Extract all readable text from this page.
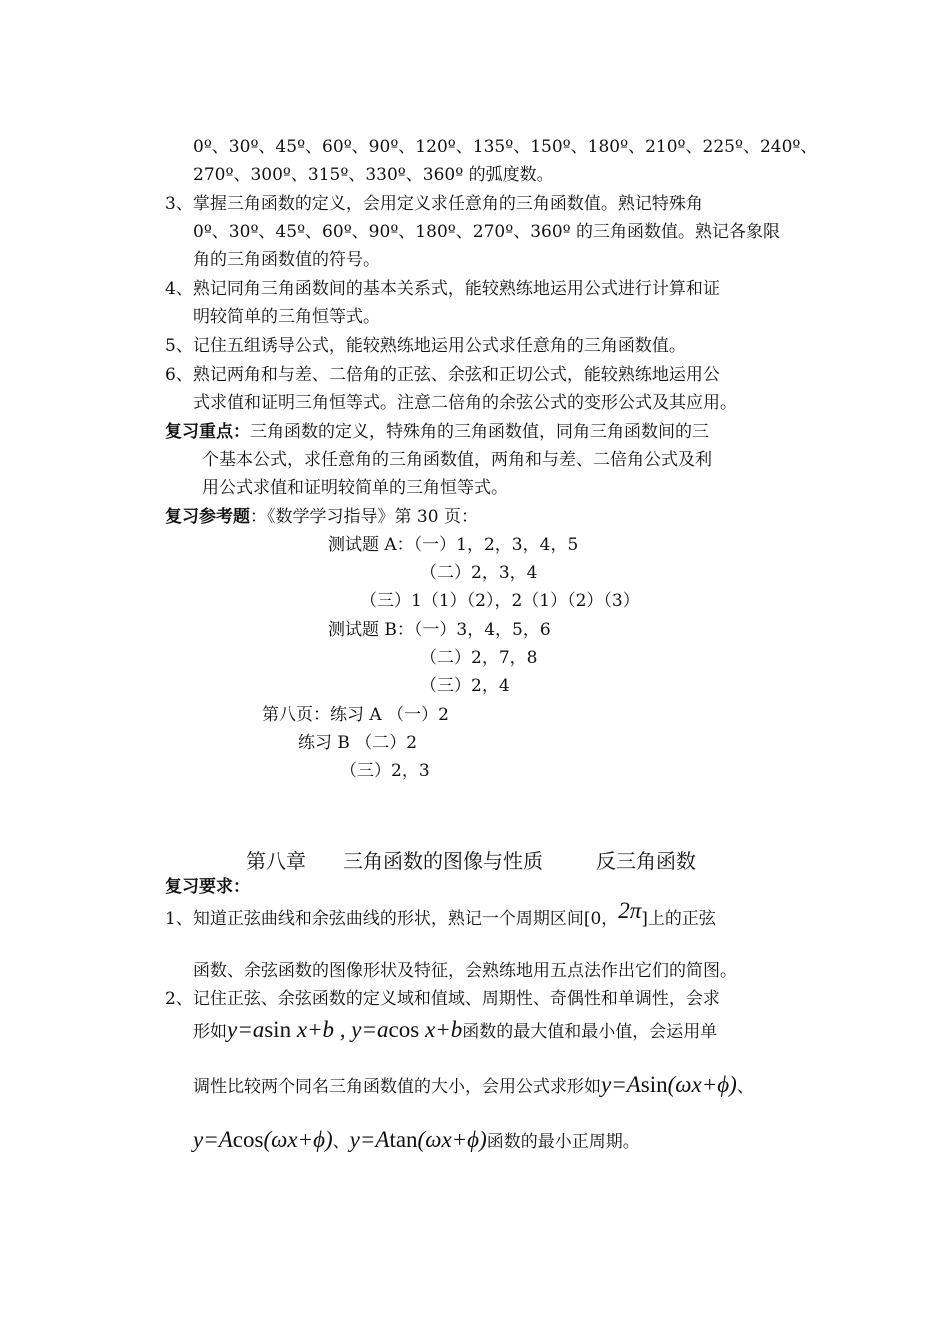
0º、30º、45º、60º、90º、120º、135º、150º、180º、210º、225º、240º、
270º、300º、315º、330º、360º 的弧度数。
3、掌握三角函数的定义，会用定义求任意角的三角函数值。熟记特殊角
0º、30º、45º、60º、90º、180º、270º、360º 的三角函数值。熟记各象限
角的三角函数值的符号。
4、熟记同角三角函数间的基本关系式，能较熟练地运用公式进行计算和证
明较简单的三角恒等式。
5、记住五组诱导公式，能较熟练地运用公式求任意角的三角函数值。
6、熟记两角和与差、二倍角的正弦、余弦和正切公式，能较熟练地运用公
式求值和证明三角恒等式。注意二倍角的余弦公式的变形公式及其应用。
复习重点：三角函数的定义，特殊角的三角函数值，同角三角函数间的三
个基本公式，求任意角的三角函数值，两角和与差、二倍角公式及利
用公式求值和证明较简单的三角恒等式。
复习参考题：《数学学习指导》第 30 页：
测试题 A：（一）1，2，3，4，5
（二）2，3，4
（三）1（1）（2），2（1）（2）（3）
测试题 B：（一）3，4，5，6
（二）2，7，8
（三）2，4
第八页：练习 A （一）2
练习 B （二）2
（三）2，3
第八章 三角函数的图像与性质	反三角函数
复习要求：
1、知道正弦曲线和余弦曲线的形状，熟记一个周期区间[0，2π]上的正弦
函数、余弦函数的图像形状及特征，会熟练地用五点法作出它们的简图。
2、记住正弦、余弦函数的定义域和值域、周期性、奇偶性和单调性，会求
形如y=asin x+b , y=acos x+b函数的最大值和最小值，会运用单
调性比较两个同名三角函数值的大小，会用公式求形如y=Asin(ωx+ϕ)、
y=Acos(ωx+ϕ)、y=Atan(ωx+ϕ)函数的最小正周期。
